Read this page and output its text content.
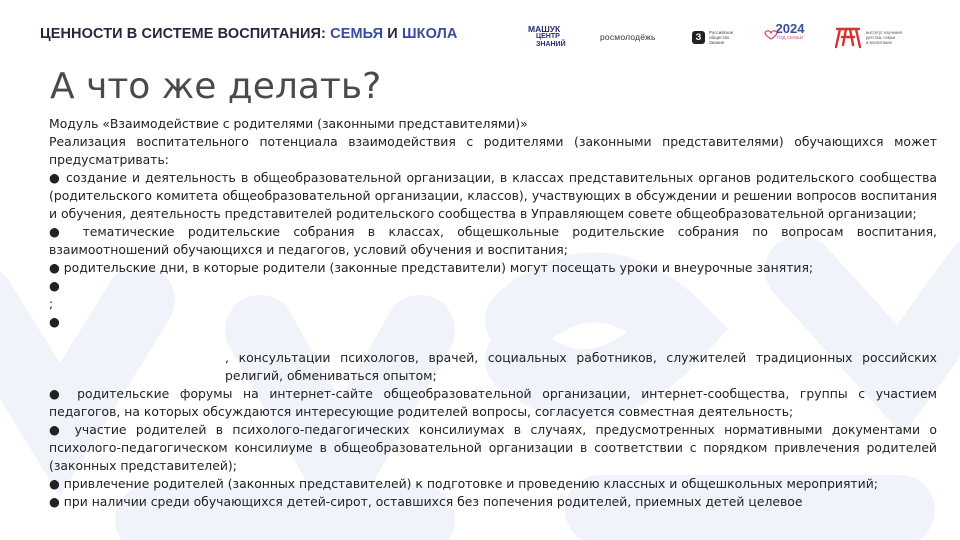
ЦЕННОСТИ В СИСТЕМЕ ВОСПИТАНИЯ: СЕМЬЯ И ШКОЛА	МАШУК
ЦЕНТР
ЗНАНИЙ
росмолодёжь	З	Российское
общество
Знание
2024
ГОД СЕМЬИ
институт изучения
детства, семьи
и воспитания
А что же делать?

Модуль «Взаимодействие с родителями (законными представителями)»

Реализация воспитательного потенциала взаимодействия с родителями (законными представителями) обучающихся может предусматривать:

● создание и деятельность в общеобразовательной организации, в классах представительных органов родительского сообщества (родительского комитета общеобразовательной организации, классов), участвующих в обсуждении и решении вопросов воспитания и обучения, деятельность представителей родительского сообщества в Управляющем совете общеобразовательной организации;

● тематические родительские собрания в классах, общешкольные родительские собрания по вопросам воспитания, взаимоотношений обучающихся и педагогов, условий обучения и воспитания;

● родительские дни, в которые родители (законные представители) могут посещать уроки и внеурочные занятия;

●

;

●

, консультации психологов, врачей, социальных работников, служителей традиционных российских религий, обмениваться опытом;

● родительские форумы на интернет-сайте общеобразовательной организации, интернет-сообщества, группы с участием педагогов, на которых обсуждаются интересующие родителей вопросы, согласуется совместная деятельность;

● участие родителей в психолого-педагогических консилиумах в случаях, предусмотренных нормативными документами о психолого-педагогическом консилиуме в общеобразовательной организации в соответствии с порядком привлечения родителей (законных представителей);

● привлечение родителей (законных представителей) к подготовке и проведению классных и общешкольных мероприятий;

● при наличии среди обучающихся детей-сирот, оставшихся без попечения родителей, приемных детей целевое
